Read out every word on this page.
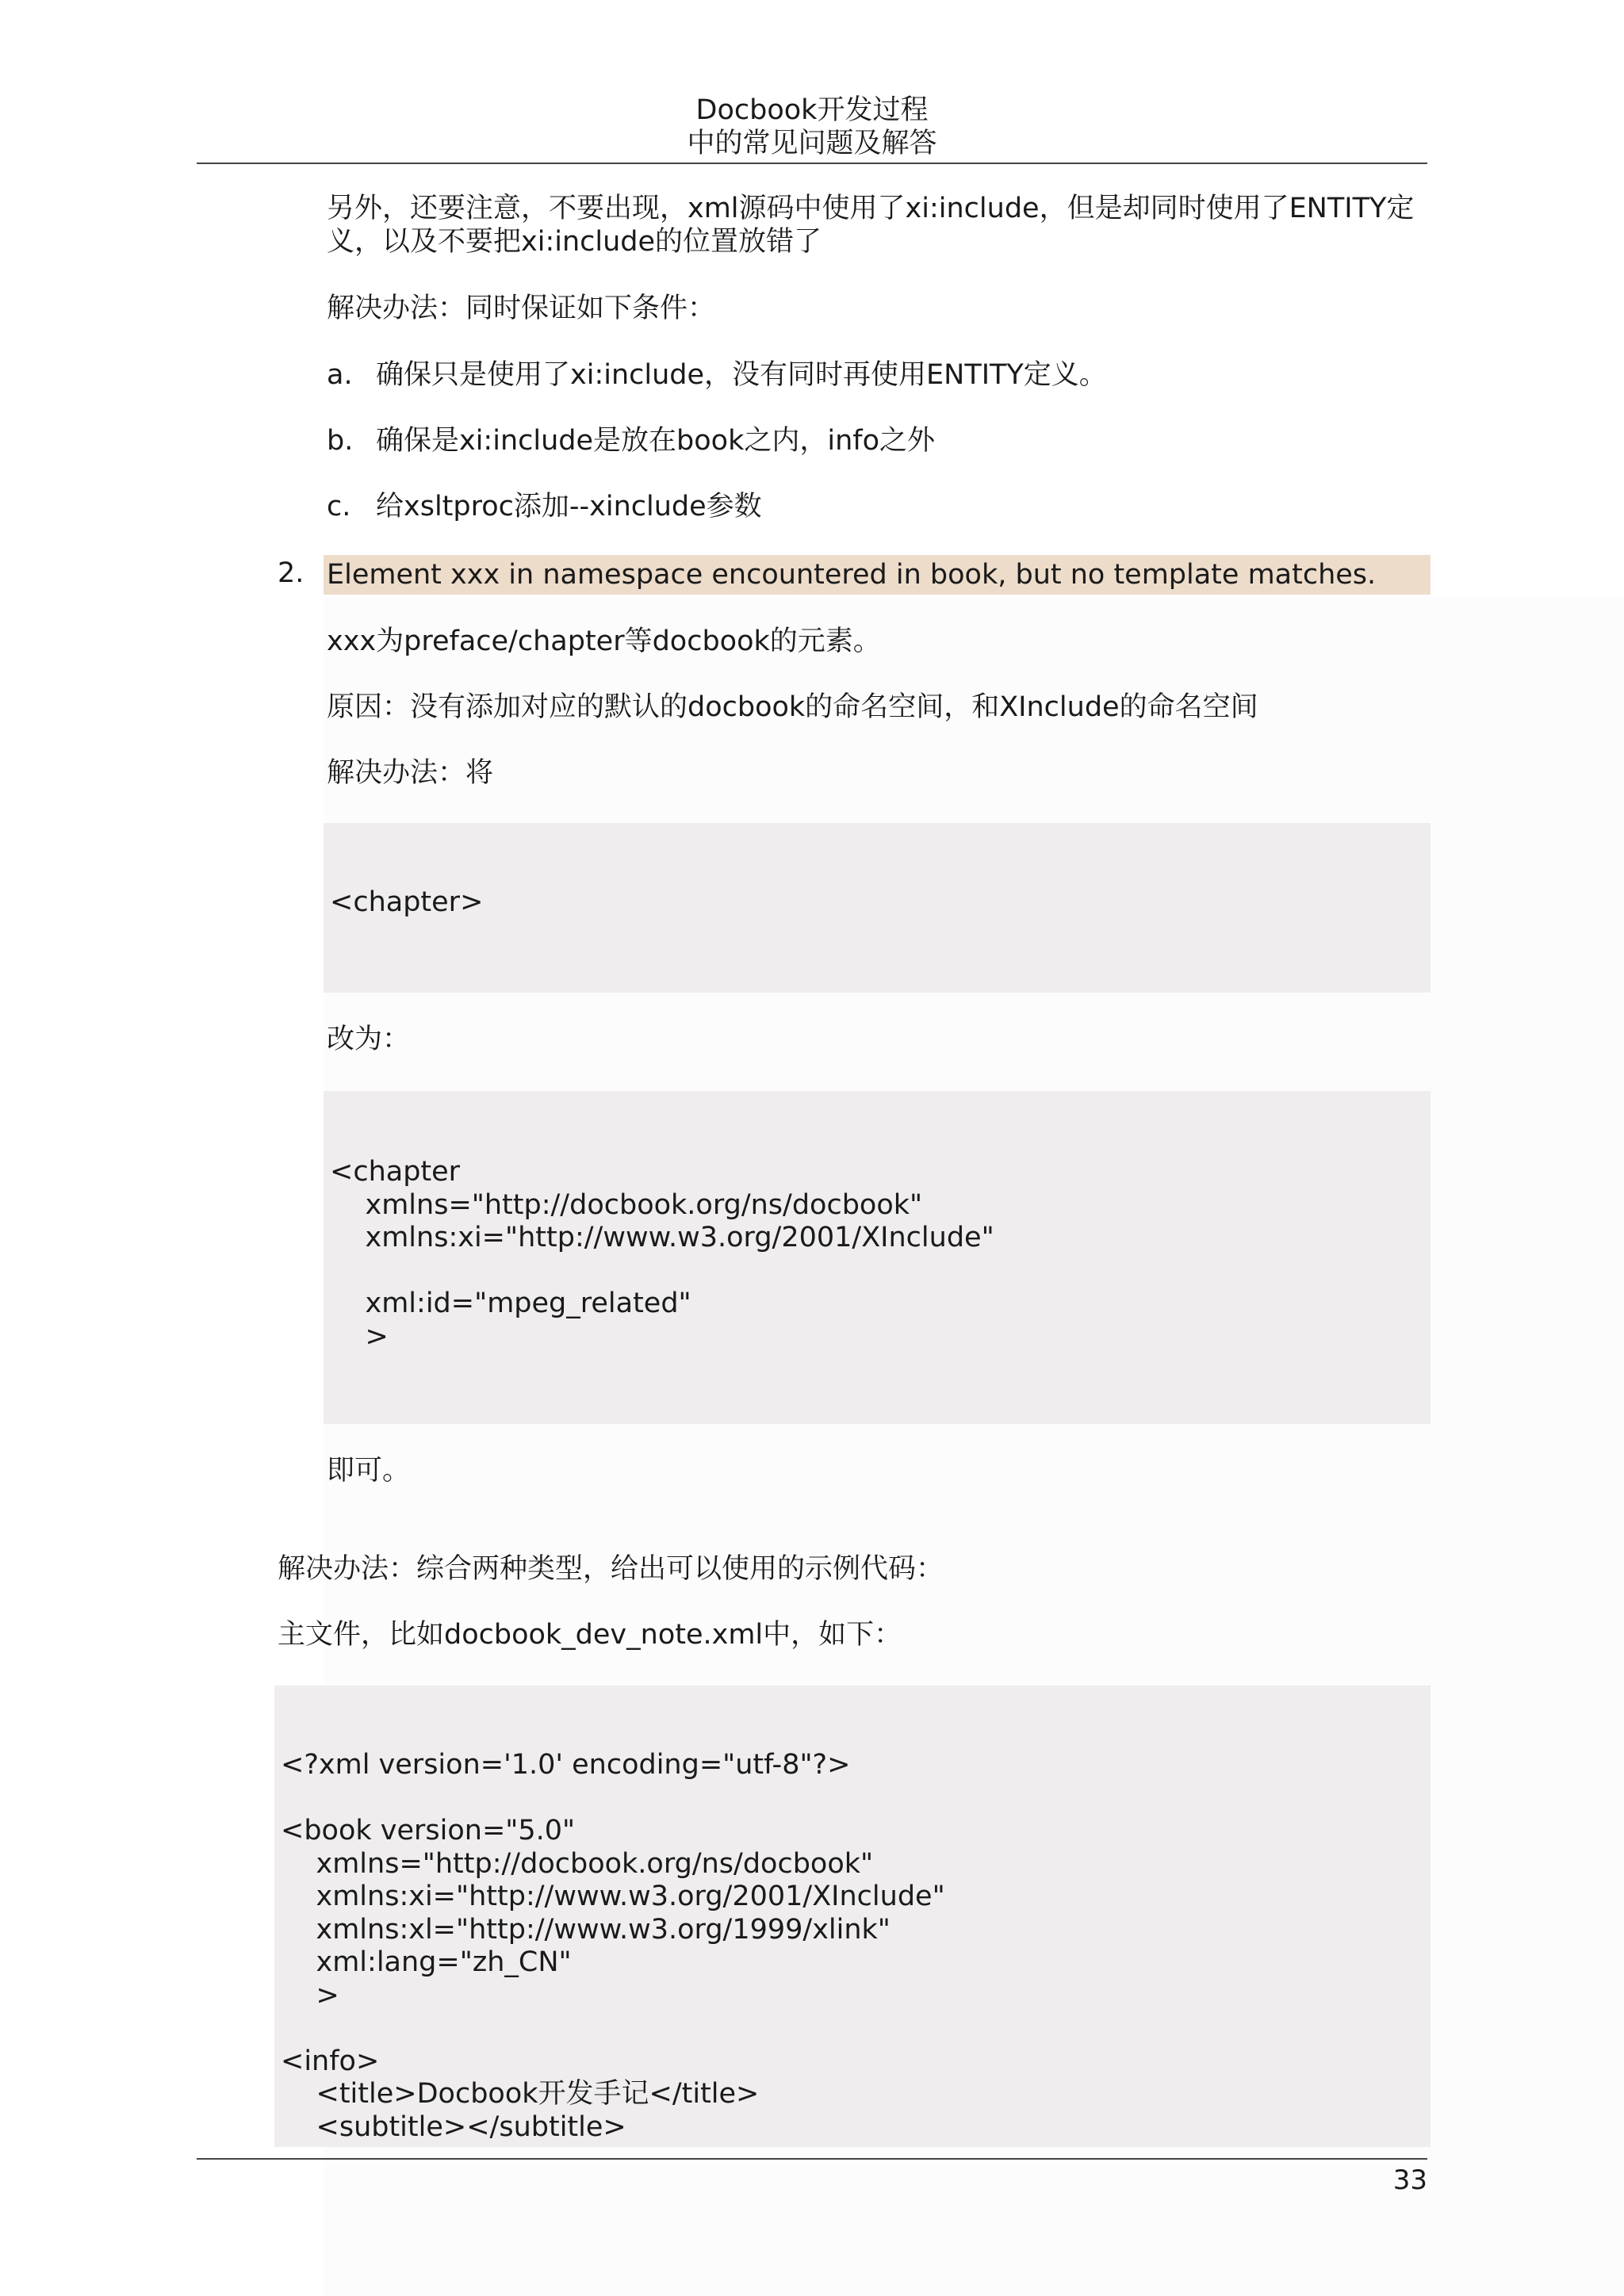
Docbook开发过程
中的常见问题及解答
另外，还要注意，不要出现，xml源码中使用了xi:include，但是却同时使用了ENTITY定
义，以及不要把xi:include的位置放错了
解决办法：同时保证如下条件：
a. 确保只是使用了xi:include，没有同时再使用ENTITY定义。
b. 确保是xi:include是放在book之内，info之外
c. 给xsltproc添加--xinclude参数
2. Element xxx in namespace encountered in book, but no template matches.
xxx为preface/chapter等docbook的元素。
原因：没有添加对应的默认的docbook的命名空间，和XInclude的命名空间
解决办法：将
<chapter>
改为：
<chapter
xmlns="http://docbook.org/ns/docbook"
xmlns:xi="http://www.w3.org/2001/XInclude"

xml:id="mpeg_related"
>
即可。
解决办法：综合两种类型，给出可以使用的示例代码：
主文件，比如docbook_dev_note.xml中，如下：
<?xml version='1.0' encoding="utf-8"?>

<book version="5.0"
xmlns="http://docbook.org/ns/docbook"
xmlns:xi="http://www.w3.org/2001/XInclude"
xmlns:xl="http://www.w3.org/1999/xlink"
xml:lang="zh_CN"
>

<info>
<title>Docbook开发手记</title>
<subtitle></subtitle>
33
